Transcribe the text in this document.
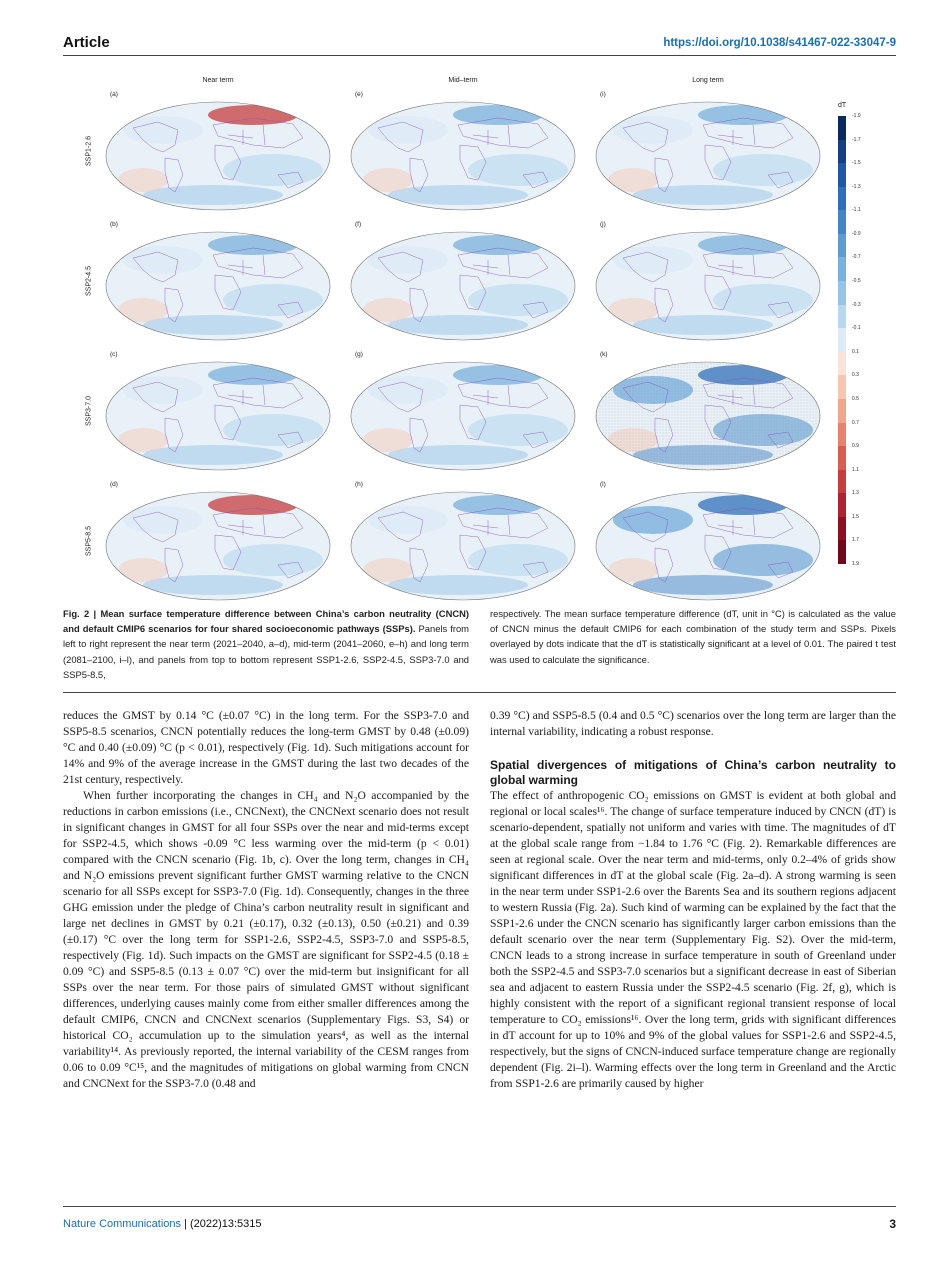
Article	https://doi.org/10.1038/s41467-022-33047-9
Near term	Mid–term	Long term
SSP1-2.6
SSP2-4.5
SSP3-7.0
SSP5-8.5
(a)	(e)	(i)
(b)	(f)	(j)
(c)	(g)	(k)
(d)	(h)	(l)
dT
-1.9
-1.7
-1.5
-1.3
-1.1
-0.9
-0.7
-0.5
-0.3
-0.1
0.1
0.3
0.5
0.7
0.9
1.1
1.3
1.5
1.7
1.9
Fig. 2 | Mean surface temperature difference between China’s carbon neutrality (CNCN) and default CMIP6 scenarios for four shared socioeconomic pathways (SSPs). Panels from left to right represent the near term (2021–2040, a–d), mid-term (2041–2060, e–h) and long term (2081–2100, i–l), and panels from top to bottom represent SSP1-2.6, SSP2-4.5, SSP3-7.0 and SSP5-8.5,
respectively. The mean surface temperature difference (dT, unit in °C) is calculated as the value of CNCN minus the default CMIP6 for each combination of the study term and SSPs. Pixels overlayed by dots indicate that the dT is statistically significant at a level of 0.01. The paired t test was used to calculate the significance.

reduces the GMST by 0.14 °C (±0.07 °C) in the long term. For the SSP3-7.0 and SSP5-8.5 scenarios, CNCN potentially reduces the long-term GMST by 0.48 (±0.09) °C and 0.40 (±0.09) °C (p < 0.01), respectively (Fig. 1d). Such mitigations account for 14% and 9% of the average increase in the GMST during the last two decades of the 21st century, respectively.

When further incorporating the changes in CH₄ and N₂O accompanied by the reductions in carbon emissions (i.e., CNCNext), the CNCNext scenario does not result in significant changes in GMST for all four SSPs over the near and mid-terms except for SSP2-4.5, which shows -0.09 °C less warming over the mid-term (p < 0.01) compared with the CNCN scenario (Fig. 1b, c). Over the long term, changes in CH₄ and N₂O emissions prevent significant further GMST warming relative to the CNCN scenario for all SSPs except for SSP3-7.0 (Fig. 1d). Consequently, changes in the three GHG emission under the pledge of China’s carbon neutrality result in significant and large net declines in GMST by 0.21 (±0.17), 0.32 (±0.13), 0.50 (±0.21) and 0.39 (±0.17) °C over the long term for SSP1-2.6, SSP2-4.5, SSP3-7.0 and SSP5-8.5, respectively (Fig. 1d). Such impacts on the GMST are significant for SSP2-4.5 (0.18 ± 0.09 °C) and SSP5-8.5 (0.13 ± 0.07 °C) over the mid-term but insignificant for all SSPs over the near term. For those pairs of simulated GMST without significant differences, underlying causes mainly come from either smaller differences among the default CMIP6, CNCN and CNCNext scenarios (Supplementary Figs. S3, S4) or historical CO₂ accumulation up to the simulation years⁴, as well as the internal variability¹⁴. As previously reported, the internal variability of the CESM ranges from 0.06 to 0.09 °C¹⁵, and the magnitudes of mitigations on global warming from CNCN and CNCNext for the SSP3-7.0 (0.48 and

0.39 °C) and SSP5-8.5 (0.4 and 0.5 °C) scenarios over the long term are larger than the internal variability, indicating a robust response.

Spatial divergences of mitigations of China’s carbon neutrality to global warming

The effect of anthropogenic CO₂ emissions on GMST is evident at both global and regional or local scales¹⁶. The change of surface temperature induced by CNCN (dT) is scenario-dependent, spatially not uniform and varies with time. The magnitudes of dT at the global scale range from −1.84 to 1.76 °C (Fig. 2). Remarkable differences are seen at regional scale. Over the near term and mid-terms, only 0.2–4% of grids show significant differences in dT at the global scale (Fig. 2a–d). A strong warming is seen in the near term under SSP1-2.6 over the Barents Sea and its southern regions adjacent to western Russia (Fig. 2a). Such kind of warming can be explained by the fact that the SSP1-2.6 under the CNCN scenario has significantly larger carbon emissions than the default scenario over the near term (Supplementary Fig. S2). Over the mid-term, CNCN leads to a strong increase in surface temperature in south of Greenland under both the SSP2-4.5 and SSP3-7.0 scenarios but a significant decrease in east of Siberian sea and adjacent to eastern Russia under the SSP2-4.5 scenario (Fig. 2f, g), which is highly consistent with the report of a significant regional transient response of local temperature to CO₂ emissions¹⁶. Over the long term, grids with significant differences in dT account for up to 10% and 9% of the global values for SSP1-2.6 and SSP2-4.5, respectively, but the signs of CNCN-induced surface temperature change are regionally dependent (Fig. 2i–l). Warming effects over the long term in Greenland and the Arctic from SSP1-2.6 are primarily caused by higher

Nature Communications | (2022)13:5315	3
